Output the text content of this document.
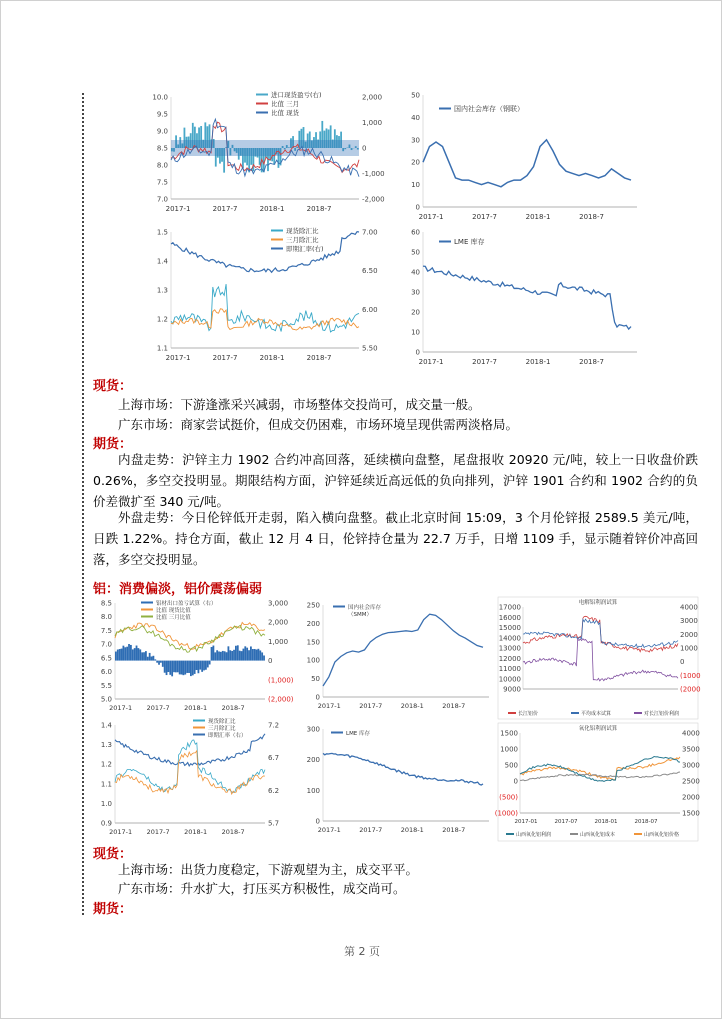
10.0
9.5
9.0
8.5
8.0
7.5
7.0
2,000
1,000
0
-1,000
-2,000
2017-1	2017-7	2018-1	2018-7
进口现货盈亏(右)
比值 三月
比值 现货
50
40
30
20
10
0
2017-1	2017-7	2018-1	2018-7
国内社会库存（钢联）
1.5
1.4
1.3
1.2
1.1
7.00
6.50
6.00
5.50
2017-1	2017-7	2018-1	2018-7
现货除汇比
三月除汇比
即期汇率(右)
60
50
40
30
20
10
0
2017-1	2017-7	2018-1	2018-7
LME 库存
现货：
上海市场：下游逢涨采兴减弱，市场整体交投尚可，成交量一般。
广东市场：商家尝试挺价，但成交仍困难，市场环境呈现供需两淡格局。
期货：
内盘走势：沪锌主力 1902 合约冲高回落，延续横向盘整，尾盘报收 20920 元/吨，较上一日收盘价跌 0.26%，多空交投明显。期限结构方面，沪锌延续近高远低的负向排列，沪锌 1901 合约和 1902 合约的负价差微扩至 340 元/吨。
外盘走势：今日伦锌低开走弱，陷入横向盘整。截止北京时间 15:09，3 个月伦锌报 2589.5 美元/吨，日跌 1.22%。持仓方面，截止 12 月 4 日，伦锌持仓量为 22.7 万手，日增 1109 手，显示随着锌价冲高回落，多空交投明显。
铝：消费偏淡，铝价震荡偏弱
8.5
8.0
7.5
7.0
6.5
6.0
5.5
5.0
3,000
2,000
1,000
0
(1,000)
(2,000)
2017-1 2017-7 2018-1 2018-7
铝材出口盈亏试算（右）
比值 现货比值
比值 三月比值
250
200
150
100
50
0
2017-1	2017-7	2018-1	2018-7
国内社会库存
（SMM）
电解铝利润试算
17000
16000
15000
14000
13000
12000
11000
10000
9000
4000
3000
2000
1000
0
(1000
(2000
长江铝价	平均成本试算	对长江铝价利润
1.4
1.3
1.2
1.1
1.0
0.9
7.2
6.7
6.2
5.7
2017-1 2017-7 2018-1 2018-7
现货除汇比
三月除汇比
即期汇率（右）
300
200
100
0
2017-1	2017-7	2018-1	2018-7
LME 库存
氧化铝利润试算
1500
1000
500
0
(500)
(1000)
4000
3500
3000
2500
2000
1500
2017-01	2017-07	2018-01	2018-07
山西氧化铝利润	山西氧化铝成本	山西氧化铝价格
现货：
上海市场：出货力度稳定，下游观望为主，成交平平。
广东市场：升水扩大，打压买方积极性，成交尚可。
期货：
第 2 页
